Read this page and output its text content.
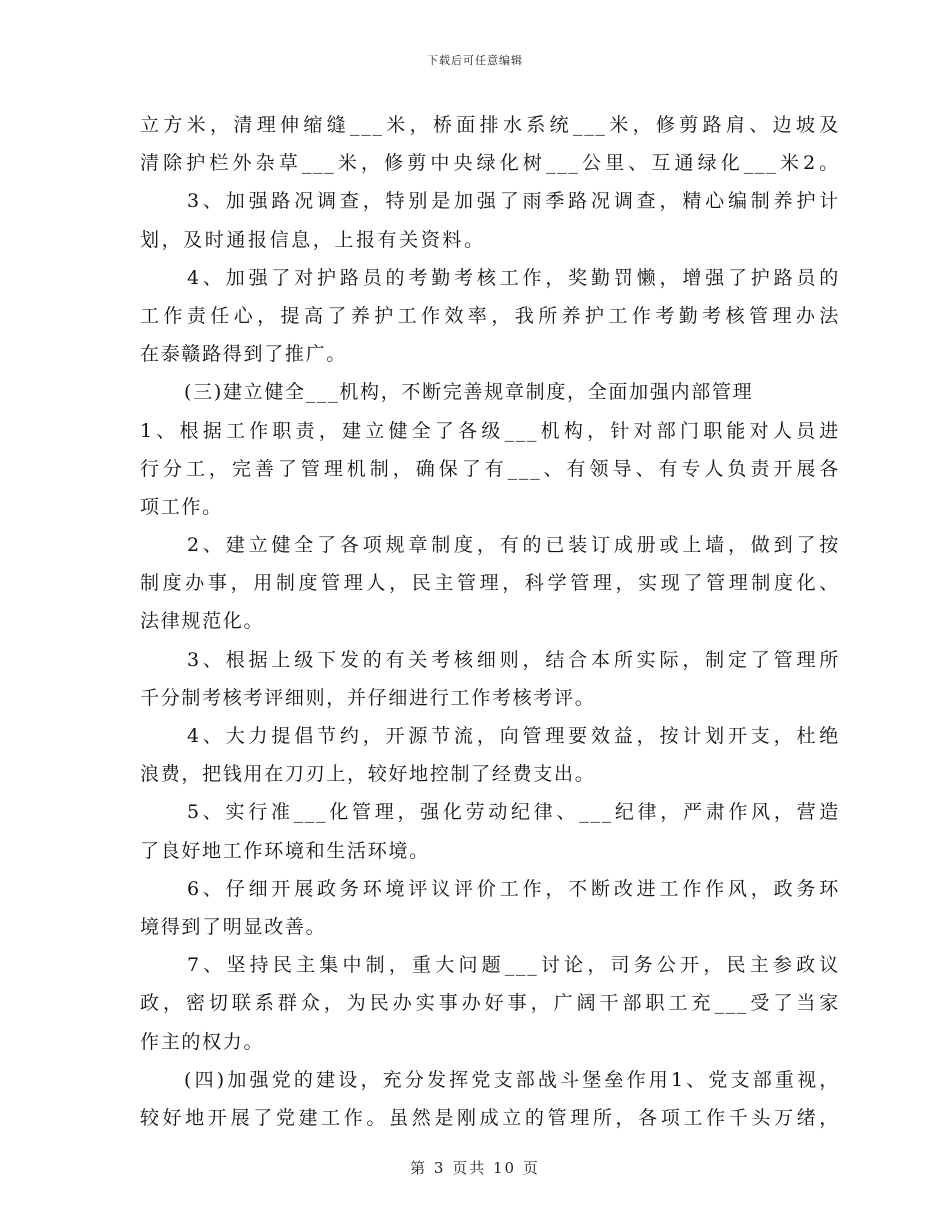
下载后可任意编辑
立方米，清理伸缩缝___米，桥面排水系统___米，修剪路肩、边坡及
清除护栏外杂草___米，修剪中央绿化树___公里、互通绿化___米2。
3、加强路况调查，特别是加强了雨季路况调查，精心编制养护计
划，及时通报信息，上报有关资料。
4、加强了对护路员的考勤考核工作，奖勤罚懒，增强了护路员的
工作责任心，提高了养护工作效率，我所养护工作考勤考核管理办法
在泰赣路得到了推广。
(三)建立健全___机构，不断完善规章制度，全面加强内部管理
1、根据工作职责，建立健全了各级___机构，针对部门职能对人员进
行分工，完善了管理机制，确保了有___、有领导、有专人负责开展各
项工作。
2、建立健全了各项规章制度，有的已装订成册或上墙，做到了按
制度办事，用制度管理人，民主管理，科学管理，实现了管理制度化、
法律规范化。
3、根据上级下发的有关考核细则，结合本所实际，制定了管理所
千分制考核考评细则，并仔细进行工作考核考评。
4、大力提倡节约，开源节流，向管理要效益，按计划开支，杜绝
浪费，把钱用在刀刃上，较好地控制了经费支出。
5、实行准___化管理，强化劳动纪律、___纪律，严肃作风，营造
了良好地工作环境和生活环境。
6、仔细开展政务环境评议评价工作，不断改进工作作风，政务环
境得到了明显改善。
7、坚持民主集中制，重大问题___讨论，司务公开，民主参政议
政，密切联系群众，为民办实事办好事，广阔干部职工充___受了当家
作主的权力。
(四)加强党的建设，充分发挥党支部战斗堡垒作用1、党支部重视，
较好地开展了党建工作。虽然是刚成立的管理所，各项工作千头万绪，
第 3 页共 10 页
